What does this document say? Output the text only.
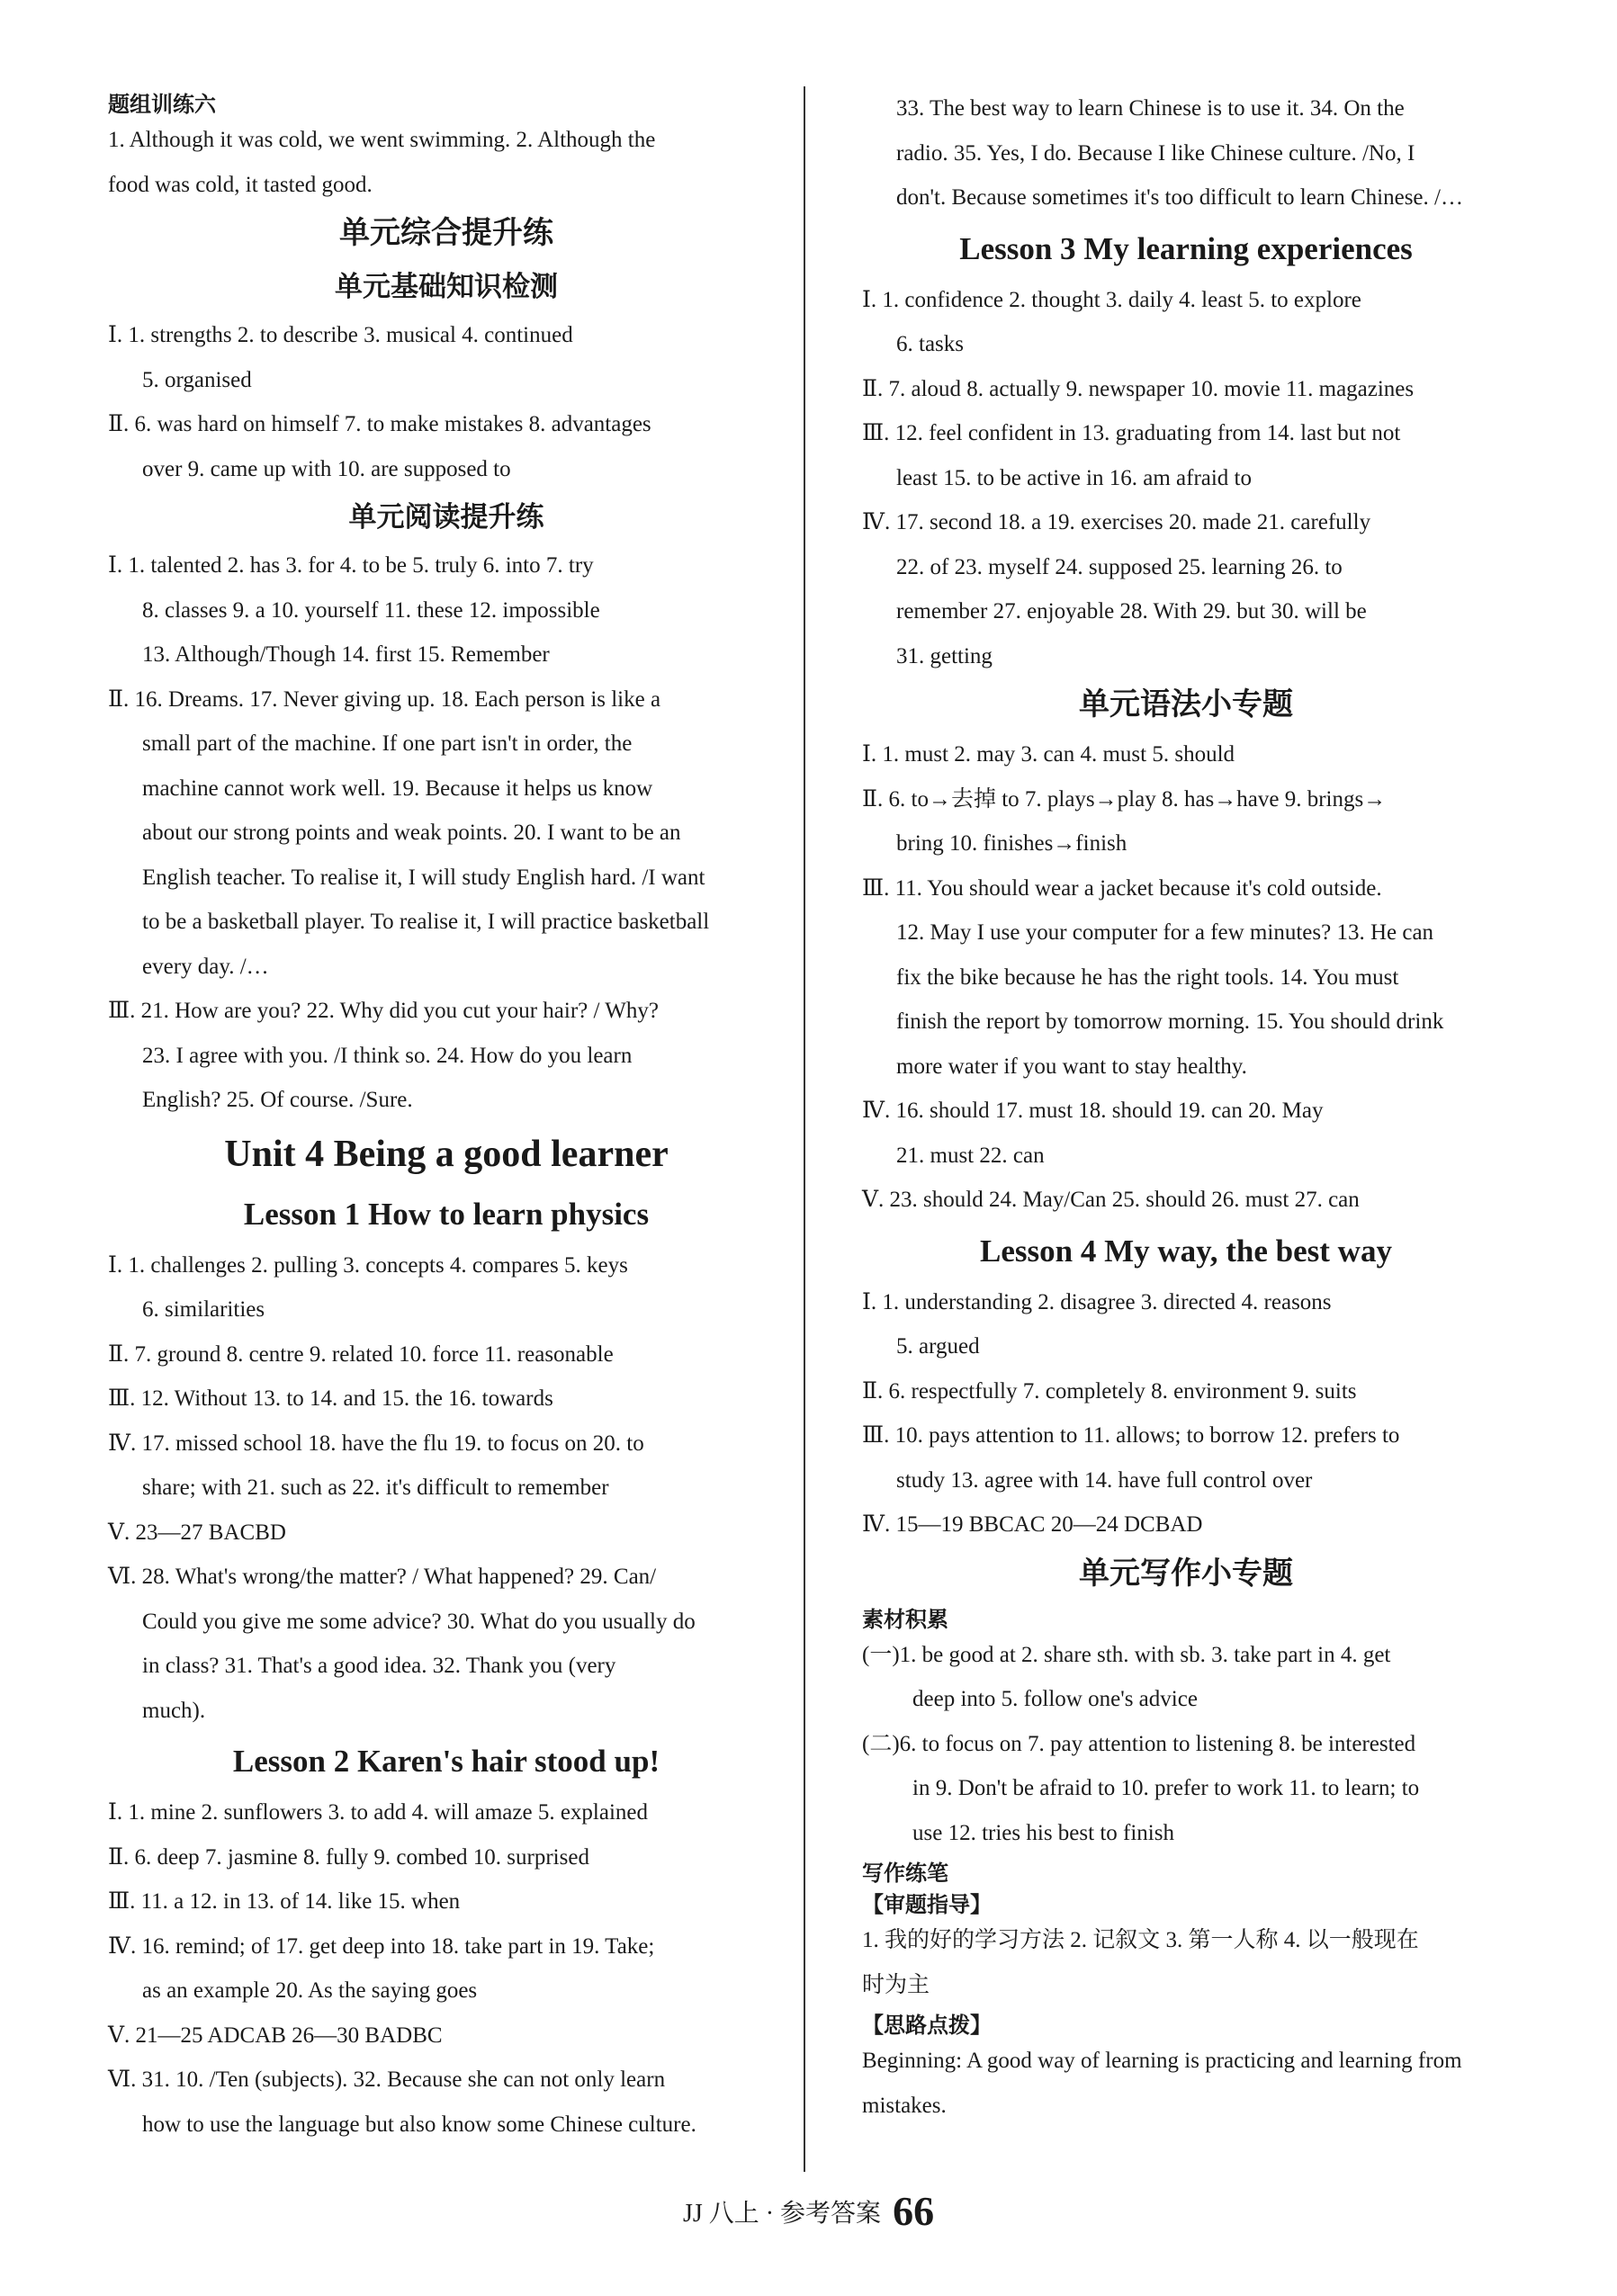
题组训练六
1. Although it was cold, we went swimming. 2. Although the
food was cold, it tasted good.
单元综合提升练
单元基础知识检测
Ⅰ. 1. strengths 2. to describe 3. musical 4. continued
5. organised
Ⅱ. 6. was hard on himself 7. to make mistakes 8. advantages
over 9. came up with 10. are supposed to
单元阅读提升练
Ⅰ. 1. talented 2. has 3. for 4. to be 5. truly 6. into 7. try
8. classes 9. a 10. yourself 11. these 12. impossible
13. Although/Though 14. first 15. Remember
Ⅱ. 16. Dreams. 17. Never giving up. 18. Each person is like a
small part of the machine. If one part isn't in order, the
machine cannot work well. 19. Because it helps us know
about our strong points and weak points. 20. I want to be an
English teacher. To realise it, I will study English hard. /I want
to be a basketball player. To realise it, I will practice basketball
every day. /…
Ⅲ. 21. How are you? 22. Why did you cut your hair? / Why?
23. I agree with you. /I think so. 24. How do you learn
English? 25. Of course. /Sure.
Unit 4 Being a good learner
Lesson 1 How to learn physics
Ⅰ. 1. challenges 2. pulling 3. concepts 4. compares 5. keys
6. similarities
Ⅱ. 7. ground 8. centre 9. related 10. force 11. reasonable
Ⅲ. 12. Without 13. to 14. and 15. the 16. towards
Ⅳ. 17. missed school 18. have the flu 19. to focus on 20. to
share; with 21. such as 22. it's difficult to remember
Ⅴ. 23—27 BACBD
Ⅵ. 28. What's wrong/the matter? / What happened? 29. Can/
Could you give me some advice? 30. What do you usually do
in class? 31. That's a good idea. 32. Thank you (very
much).
Lesson 2 Karen's hair stood up!
Ⅰ. 1. mine 2. sunflowers 3. to add 4. will amaze 5. explained
Ⅱ. 6. deep 7. jasmine 8. fully 9. combed 10. surprised
Ⅲ. 11. a 12. in 13. of 14. like 15. when
Ⅳ. 16. remind; of 17. get deep into 18. take part in 19. Take;
as an example 20. As the saying goes
Ⅴ. 21—25 ADCAB 26—30 BADBC
Ⅵ. 31. 10. /Ten (subjects). 32. Because she can not only learn
how to use the language but also know some Chinese culture.
33. The best way to learn Chinese is to use it. 34. On the
radio. 35. Yes, I do. Because I like Chinese culture. /No, I
don't. Because sometimes it's too difficult to learn Chinese. /…
Lesson 3 My learning experiences
Ⅰ. 1. confidence 2. thought 3. daily 4. least 5. to explore
6. tasks
Ⅱ. 7. aloud 8. actually 9. newspaper 10. movie 11. magazines
Ⅲ. 12. feel confident in 13. graduating from 14. last but not
least 15. to be active in 16. am afraid to
Ⅳ. 17. second 18. a 19. exercises 20. made 21. carefully
22. of 23. myself 24. supposed 25. learning 26. to
remember 27. enjoyable 28. With 29. but 30. will be
31. getting
单元语法小专题
Ⅰ. 1. must 2. may 3. can 4. must 5. should
Ⅱ. 6. to→去掉 to 7. plays→play 8. has→have 9. brings→
bring 10. finishes→finish
Ⅲ. 11. You should wear a jacket because it's cold outside.
12. May I use your computer for a few minutes? 13. He can
fix the bike because he has the right tools. 14. You must
finish the report by tomorrow morning. 15. You should drink
more water if you want to stay healthy.
Ⅳ. 16. should 17. must 18. should 19. can 20. May
21. must 22. can
Ⅴ. 23. should 24. May/Can 25. should 26. must 27. can
Lesson 4 My way, the best way
Ⅰ. 1. understanding 2. disagree 3. directed 4. reasons
5. argued
Ⅱ. 6. respectfully 7. completely 8. environment 9. suits
Ⅲ. 10. pays attention to 11. allows; to borrow 12. prefers to
study 13. agree with 14. have full control over
Ⅳ. 15—19 BBCAC 20—24 DCBAD
单元写作小专题
素材积累
(一)1. be good at 2. share sth. with sb. 3. take part in 4. get
deep into 5. follow one's advice
(二)6. to focus on 7. pay attention to listening 8. be interested
in 9. Don't be afraid to 10. prefer to work 11. to learn; to
use 12. tries his best to finish
写作练笔
【审题指导】
1. 我的好的学习方法 2. 记叙文 3. 第一人称 4. 以一般现在
时为主
【思路点拨】
Beginning: A good way of learning is practicing and learning from
mistakes.
JJ 八上 · 参考答案 66
